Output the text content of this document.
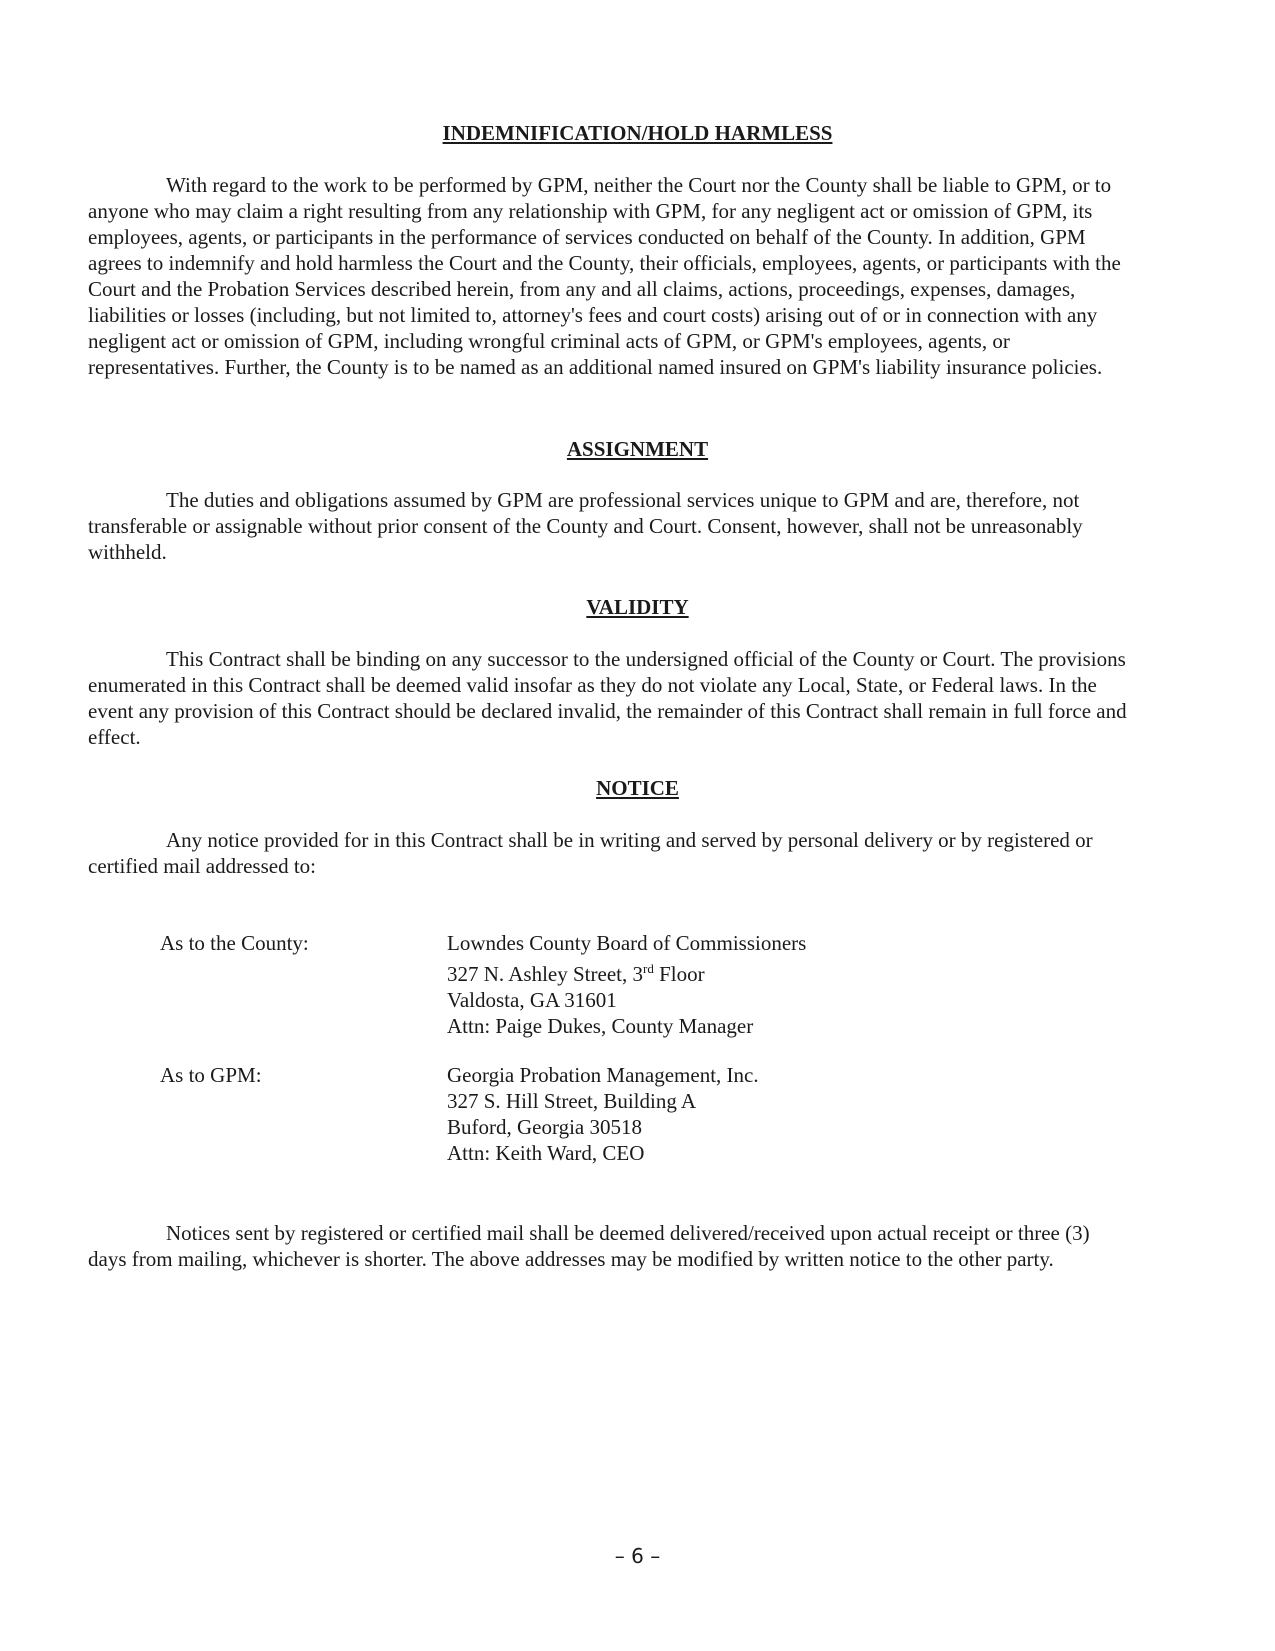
INDEMNIFICATION/HOLD HARMLESS

With regard to the work to be performed by GPM, neither the Court nor the County shall be liable to GPM, or to anyone who may claim a right resulting from any relationship with GPM, for any negligent act or omission of GPM, its employees, agents, or participants in the performance of services conducted on behalf of the County. In addition, GPM agrees to indemnify and hold harmless the Court and the County, their officials, employees, agents, or participants with the Court and the Probation Services described herein, from any and all claims, actions, proceedings, expenses, damages, liabilities or losses (including, but not limited to, attorney's fees and court costs) arising out of or in connection with any negligent act or omission of GPM, including wrongful criminal acts of GPM, or GPM's employees, agents, or representatives. Further, the County is to be named as an additional named insured on GPM's liability insurance policies.

ASSIGNMENT

The duties and obligations assumed by GPM are professional services unique to GPM and are, therefore, not transferable or assignable without prior consent of the County and Court. Consent, however, shall not be unreasonably withheld.

VALIDITY

This Contract shall be binding on any successor to the undersigned official of the County or Court. The provisions enumerated in this Contract shall be deemed valid insofar as they do not violate any Local, State, or Federal laws. In the event any provision of this Contract should be declared invalid, the remainder of this Contract shall remain in full force and effect.

NOTICE

Any notice provided for in this Contract shall be in writing and served by personal delivery or by registered or certified mail addressed to:

As to the County:	Lowndes County Board of Commissioners
327 N. Ashley Street, 3rd Floor
Valdosta, GA 31601
Attn: Paige Dukes, County Manager
As to GPM:	Georgia Probation Management, Inc.
327 S. Hill Street, Building A
Buford, Georgia 30518
Attn: Keith Ward, CEO

Notices sent by registered or certified mail shall be deemed delivered/received upon actual receipt or three (3) days from mailing, whichever is shorter. The above addresses may be modified by written notice to the other party.

– 6 –
